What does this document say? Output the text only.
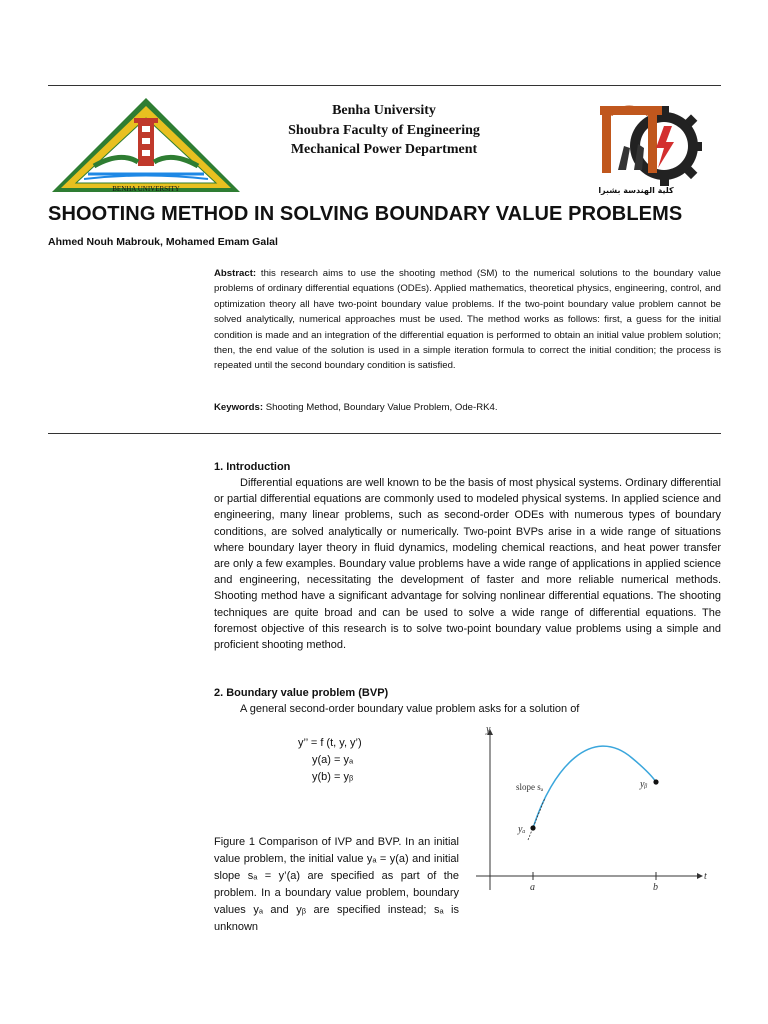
BENHA UNIVERSITY
Benha University
Shoubra Faculty of Engineering
Mechanical Power Department
كلية الهندسة بشبرا
SHOOTING METHOD IN SOLVING BOUNDARY VALUE PROBLEMS
Ahmed Nouh Mabrouk, Mohamed Emam Galal

Abstract: this research aims to use the shooting method (SM) to the numerical solutions to the boundary value problems of ordinary differential equations (ODEs). Applied mathematics, theoretical physics, engineering, control, and optimization theory all have two-point boundary value problems. If the two-point boundary value problem cannot be solved analytically, numerical approaches must be used. The method works as follows: first, a guess for the initial condition is made and an integration of the differential equation is performed to obtain an initial value problem solution; then, the end value of the solution is used in a simple iteration formula to correct the initial condition; the process is repeated until the second boundary condition is satisfied.

Keywords: Shooting Method, Boundary Value Problem, Ode-RK4.
1. Introduction

Differential equations are well known to be the basis of most physical systems. Ordinary differential or partial differential equations are commonly used to modeled physical systems. In applied science and engineering, many linear problems, such as second-order ODEs with numerous types of boundary conditions, are solved analytically or numerically. Two-point BVPs arise in a wide range of situations where boundary layer theory in fluid dynamics, modeling chemical reactions, and heat power transfer are only a few examples. Boundary value problems have a wide range of applications in applied science and engineering, necessitating the development of faster and more reliable numerical methods. Shooting method have a significant advantage for solving nonlinear differential equations. The shooting techniques are quite broad and can be used to solve a wide range of differential equations. The foremost objective of this research is to solve two-point boundary value problems using a simple and proficient shooting method.

2. Boundary value problem (BVP)
A general second-order boundary value problem asks for a solution of
y’’ = f (t, y, y’)
y(a) = yₐ
y(b) = yᵦ

Figure 1 Comparison of IVP and BVP. In an initial value problem, the initial value yₐ = y(a) and initial slope sₐ = y’(a) are specified as part of the problem. In a boundary value problem, boundary values yₐ and yᵦ are specified instead; sₐ is unknown

y
t
a	b
yₐ
yᵦ
slope sₐ
